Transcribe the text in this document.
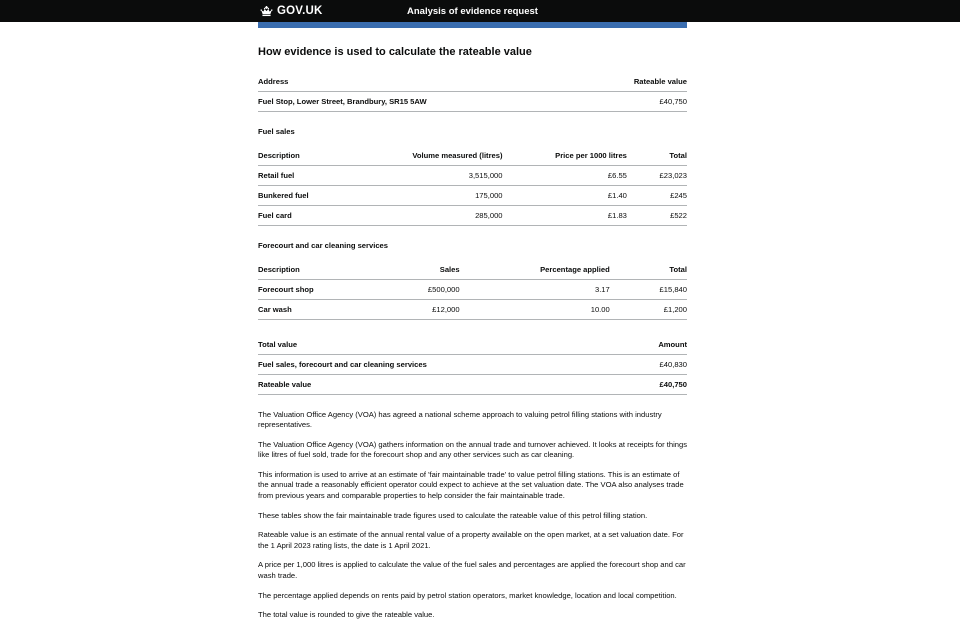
GOV.UK	Analysis of evidence request
How evidence is used to calculate the rateable value
Address	Rateable value
Fuel Stop, Lower Street, Brandbury, SR15 5AW	£40,750
Fuel sales
Description	Volume measured (litres)	Price per 1000 litres	Total
Retail fuel	3,515,000	£6.55	£23,023
Bunkered fuel	175,000	£1.40	£245
Fuel card	285,000	£1.83	£522
Forecourt and car cleaning services
Description	Sales	Percentage applied	Total
Forecourt shop	£500,000	3.17	£15,840
Car wash	£12,000	10.00	£1,200
Total value	Amount
Fuel sales, forecourt and car cleaning services	£40,830
Rateable value	£40,750

The Valuation Office Agency (VOA) has agreed a national scheme approach to valuing petrol filling stations with industry representatives.

The Valuation Office Agency (VOA) gathers information on the annual trade and turnover achieved. It looks at receipts for things like litres of fuel sold, trade for the forecourt shop and any other services such as car cleaning.

This information is used to arrive at an estimate of 'fair maintainable trade' to value petrol filling stations. This is an estimate of the annual trade a reasonably efficient operator could expect to achieve at the set valuation date. The VOA also analyses trade from previous years and comparable properties to help consider the fair maintainable trade.

These tables show the fair maintainable trade figures used to calculate the rateable value of this petrol filling station.

Rateable value is an estimate of the annual rental value of a property available on the open market, at a set valuation date. For the 1 April 2023 rating lists, the date is 1 April 2021.

A price per 1,000 litres is applied to calculate the value of the fuel sales and percentages are applied the forecourt shop and car wash trade.

The percentage applied depends on rents paid by petrol station operators, market knowledge, location and local competition.

The total value is rounded to give the rateable value.
